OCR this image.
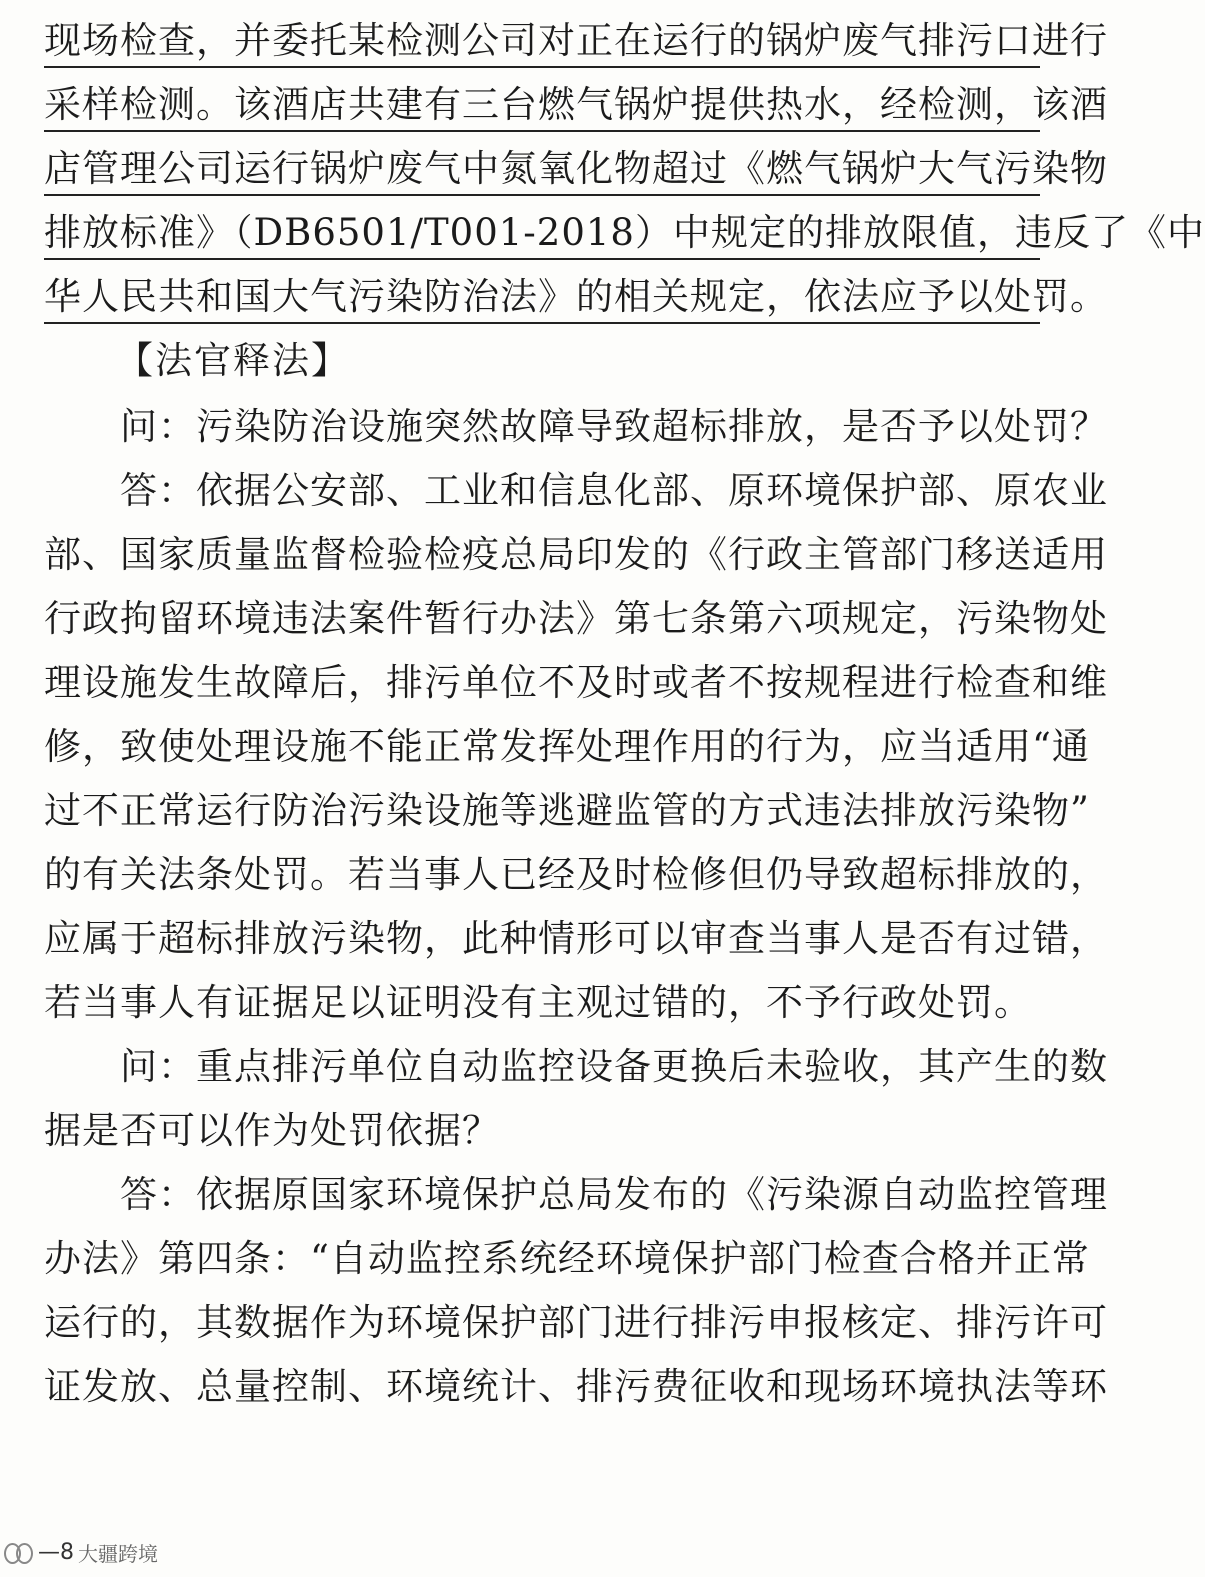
现场检查，并委托某检测公司对正在运行的锅炉废气排污口进行
采样检测。该酒店共建有三台燃气锅炉提供热水，经检测，该酒
店管理公司运行锅炉废气中氮氧化物超过《燃气锅炉大气污染物
排放标准》（DB6501/T001-2018）中规定的排放限值，违反了《中
华人民共和国大气污染防治法》的相关规定，依法应予以处罚。
【法官释法】
问：污染防治设施突然故障导致超标排放，是否予以处罚？
答：依据公安部、工业和信息化部、原环境保护部、原农业
部、国家质量监督检验检疫总局印发的《行政主管部门移送适用
行政拘留环境违法案件暂行办法》第七条第六项规定，污染物处
理设施发生故障后，排污单位不及时或者不按规程进行检查和维
修，致使处理设施不能正常发挥处理作用的行为，应当适用“通
过不正常运行防治污染设施等逃避监管的方式违法排放污染物”
的有关法条处罚。若当事人已经及时检修但仍导致超标排放的，
应属于超标排放污染物，此种情形可以审查当事人是否有过错，
若当事人有证据足以证明没有主观过错的，不予行政处罚。
问：重点排污单位自动监控设备更换后未验收，其产生的数
据是否可以作为处罚依据？
答：依据原国家环境保护总局发布的《污染源自动监控管理
办法》第四条：“自动监控系统经环境保护部门检查合格并正常
运行的，其数据作为环境保护部门进行排污申报核定、排污许可
证发放、总量控制、环境统计、排污费征收和现场环境执法等环
—8 大疆跨境
